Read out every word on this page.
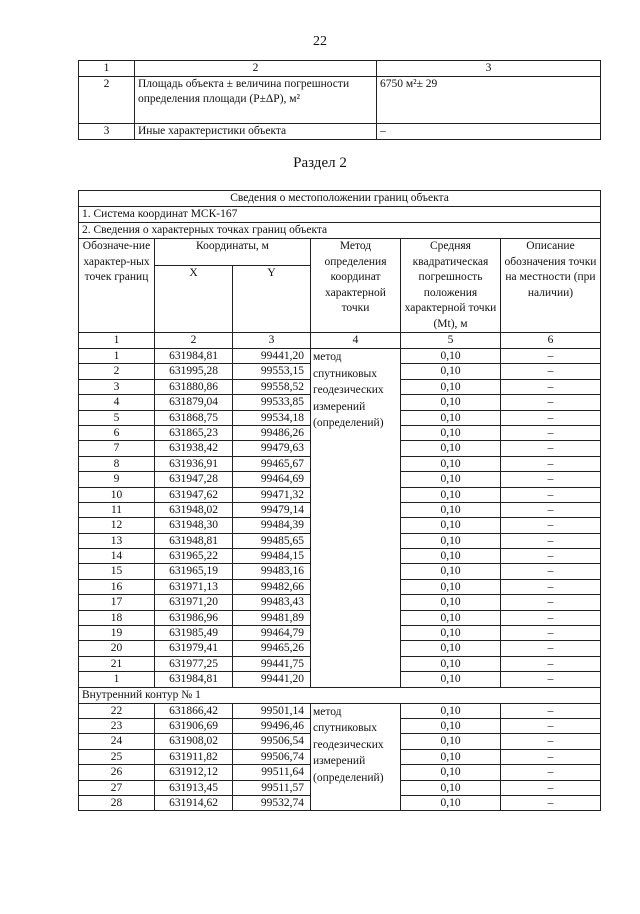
22
1	2	3
2	Площадь объекта ± величина погрешности определения площади (P±ΔP), м²	6750 м²± 29
3	Иные характеристики объекта	–
Раздел 2
Сведения о местоположении границ объекта					
1. Система координат МСК-167					
2. Сведения о характерных точках границ объекта					
Обозначе-ние характер-ных точек границ	Координаты, м		Метод определения координат характерной точки	Средняя квадратическая погрешность положения характерной точки (Mt), м	Описание обозначения точки на местности (при наличии)
	X	Y			
1	2	3	4	5	6
1	631984,81	99441,20	метод спутниковых геодезических измерений (определений)	0,10	–
2	631995,28	99553,15		0,10	–
3	631880,86	99558,52		0,10	–
4	631879,04	99533,85		0,10	–
5	631868,75	99534,18		0,10	–
6	631865,23	99486,26		0,10	–
7	631938,42	99479,63		0,10	–
8	631936,91	99465,67		0,10	–
9	631947,28	99464,69		0,10	–
10	631947,62	99471,32		0,10	–
11	631948,02	99479,14		0,10	–
12	631948,30	99484,39		0,10	–
13	631948,81	99485,65		0,10	–
14	631965,22	99484,15		0,10	–
15	631965,19	99483,16		0,10	–
16	631971,13	99482,66		0,10	–
17	631971,20	99483,43		0,10	–
18	631986,96	99481,89		0,10	–
19	631985,49	99464,79		0,10	–
20	631979,41	99465,26		0,10	–
21	631977,25	99441,75		0,10	–
1	631984,81	99441,20		0,10	–
Внутренний контур № 1					
22	631866,42	99501,14	метод спутниковых геодезических измерений (определений)	0,10	–
23	631906,69	99496,46		0,10	–
24	631908,02	99506,54		0,10	–
25	631911,82	99506,74		0,10	–
26	631912,12	99511,64		0,10	–
27	631913,45	99511,57		0,10	–
28	631914,62	99532,74		0,10	–
